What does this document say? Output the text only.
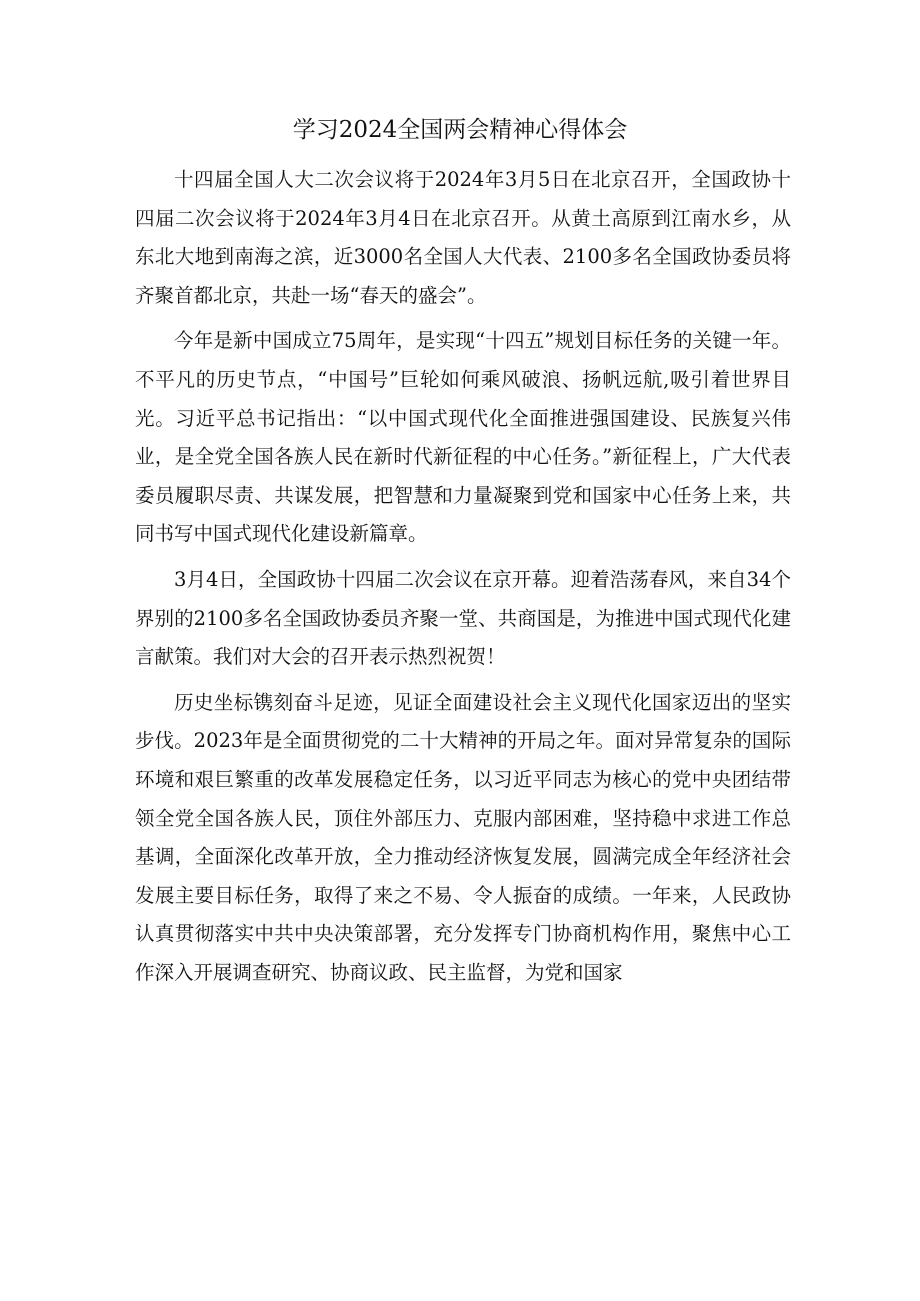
学习2024全国两会精神心得体会

十四届全国人大二次会议将于2024年3月5日在北京召开，全国政协十四届二次会议将于2024年3月4日在北京召开。从黄土高原到江南水乡，从东北大地到南海之滨，近3000名全国人大代表、2100多名全国政协委员将齐聚首都北京，共赴一场“春天的盛会”。

今年是新中国成立75周年，是实现“十四五”规划目标任务的关键一年。不平凡的历史节点，“中国号”巨轮如何乘风破浪、扬帆远航,吸引着世界目光。习近平总书记指出：“以中国式现代化全面推进强国建设、民族复兴伟业，是全党全国各族人民在新时代新征程的中心任务。”新征程上，广大代表委员履职尽责、共谋发展，把智慧和力量凝聚到党和国家中心任务上来，共同书写中国式现代化建设新篇章。

3月4日，全国政协十四届二次会议在京开幕。迎着浩荡春风，来自34个界别的2100多名全国政协委员齐聚一堂、共商国是，为推进中国式现代化建言献策。我们对大会的召开表示热烈祝贺！

历史坐标镌刻奋斗足迹，见证全面建设社会主义现代化国家迈出的坚实步伐。2023年是全面贯彻党的二十大精神的开局之年。面对异常复杂的国际环境和艰巨繁重的改革发展稳定任务，以习近平同志为核心的党中央团结带领全党全国各族人民，顶住外部压力、克服内部困难，坚持稳中求进工作总基调，全面深化改革开放，全力推动经济恢复发展，圆满完成全年经济社会发展主要目标任务，取得了来之不易、令人振奋的成绩。一年来，人民政协认真贯彻落实中共中央决策部署，充分发挥专门协商机构作用，聚焦中心工作深入开展调查研究、协商议政、民主监督，为党和国家
